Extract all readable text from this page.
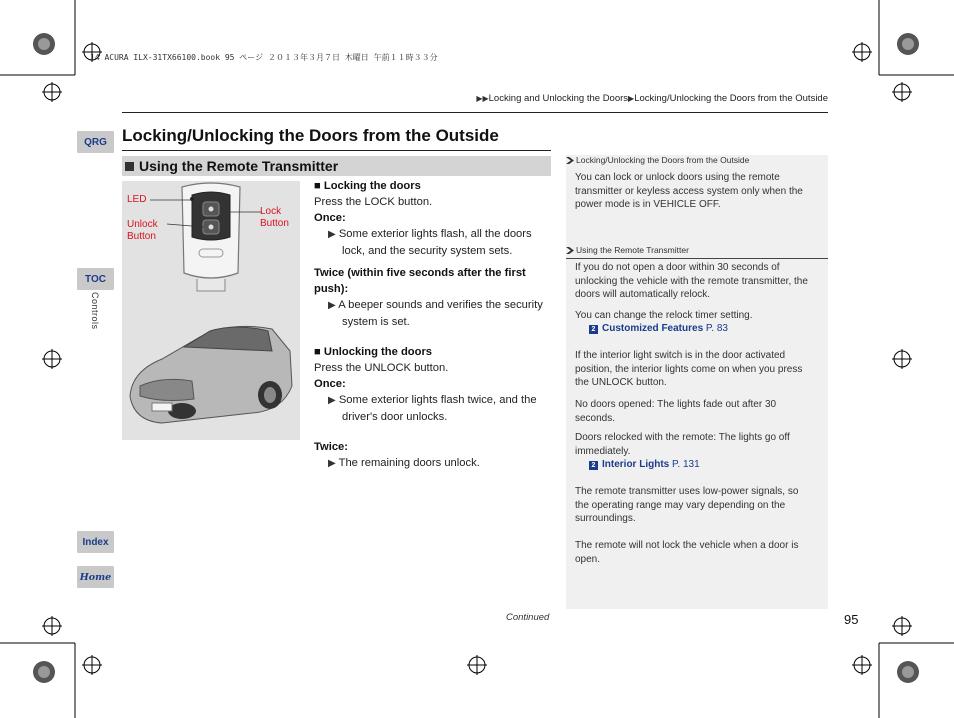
14 ACURA ILX-31TX66100.book 95 ページ ２０１３年３月７日 木曜日 午前１１時３３分
▶▶Locking and Unlocking the Doors▶Locking/Unlocking the Doors from the Outside
QRG
TOC
Controls
Index
Home
Locking/Unlocking the Doors from the Outside
Using the Remote Transmitter
LED
Unlock
Button
Lock
Button
■ Locking the doors
Press the LOCK button.
Once:
▶ Some exterior lights flash, all the doors lock, and the security system sets.
Twice (within five seconds after the first push):
▶ A beeper sounds and verifies the security system is set.
■ Unlocking the doors
Press the UNLOCK button.
Once:
▶ Some exterior lights flash twice, and the driver's door unlocks.
Twice:
▶ The remaining doors unlock.
Locking/Unlocking the Doors from the Outside
You can lock or unlock doors using the remote transmitter or keyless access system only when the power mode is in VEHICLE OFF.
Using the Remote Transmitter
If you do not open a door within 30 seconds of unlocking the vehicle with the remote transmitter, the doors will automatically relock.
You can change the relock timer setting.
2 Customized Features P. 83
If the interior light switch is in the door activated position, the interior lights come on when you press the UNLOCK button.
No doors opened: The lights fade out after 30 seconds.
Doors relocked with the remote: The lights go off immediately.
2 Interior Lights P. 131
The remote transmitter uses low-power signals, so the operating range may vary depending on the surroundings.
The remote will not lock the vehicle when a door is open.
Continued	95
